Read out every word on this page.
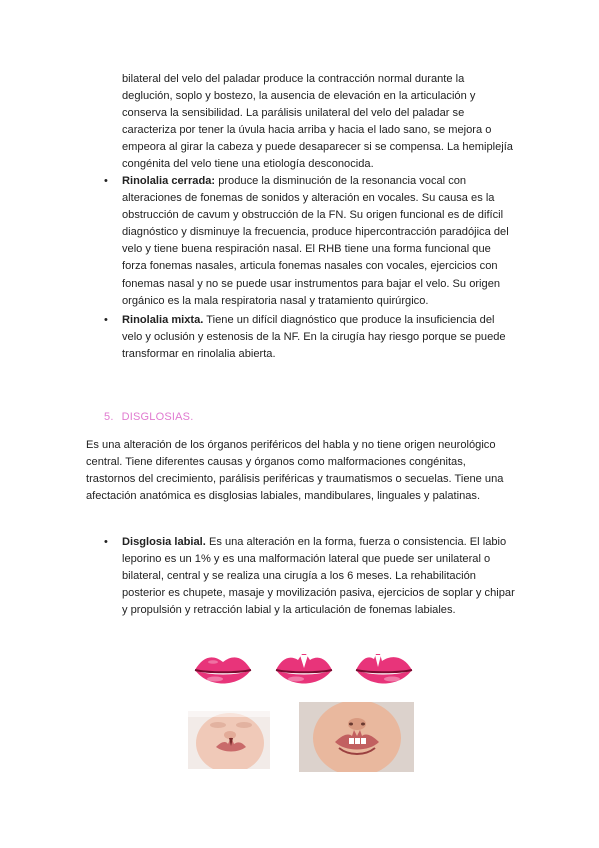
bilateral del velo del paladar produce la contracción normal durante la deglución, soplo y bostezo, la ausencia de elevación en la articulación y conserva la sensibilidad. La parálisis unilateral del velo del paladar se caracteriza por tener la úvula hacia arriba y hacia el lado sano, se mejora o empeora al girar la cabeza y puede desaparecer si se compensa. La hemiplejía congénita del velo tiene una etiología desconocida.

• Rinolalia cerrada: produce la disminución de la resonancia vocal con alteraciones de fonemas de sonidos y alteración en vocales. Su causa es la obstrucción de cavum y obstrucción de la FN. Su origen funcional es de difícil diagnóstico y disminuye la frecuencia, produce hipercontracción paradójica del velo y tiene buena respiración nasal. El RHB tiene una forma funcional que forza fonemas nasales, articula fonemas nasales con vocales, ejercicios con fonemas nasal y no se puede usar instrumentos para bajar el velo. Su origen orgánico es la mala respiratoria nasal y tratamiento quirúrgico.
• Rinolalia mixta. Tiene un difícil diagnóstico que produce la insuficiencia del velo y oclusión y estenosis de la NF. En la cirugía hay riesgo porque se puede transformar en rinolalia abierta.
5. DISGLOSIAS.

Es una alteración de los órganos periféricos del habla y no tiene origen neurológico central. Tiene diferentes causas y órganos como malformaciones congénitas, trastornos del crecimiento, parálisis periféricas y traumatismos o secuelas. Tiene una afectación anatómica es disglosias labiales, mandibulares, linguales y palatinas.

• Disglosia labial. Es una alteración en la forma, fuerza o consistencia. El labio leporino es un 1% y es una malformación lateral que puede ser unilateral o bilateral, central y se realiza una cirugía a los 6 meses. La rehabilitación posterior es chupete, masaje y movilización pasiva, ejercicios de soplar y chipar y propulsión y retracción labial y la articulación de fonemas labiales.
